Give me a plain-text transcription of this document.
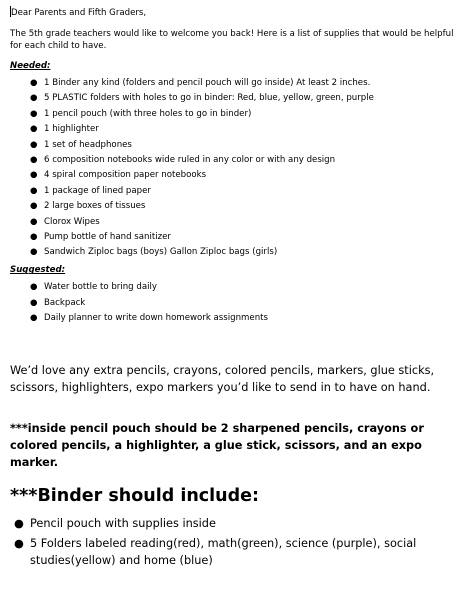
Dear Parents and Fifth Graders,

The 5th grade teachers would like to welcome you back! Here is a list of supplies that would be helpful for each child to have.

Needed:

● 1 Binder any kind (folders and pencil pouch will go inside) At least 2 inches.
● 5 PLASTIC folders with holes to go in binder: Red, blue, yellow, green, purple
● 1 pencil pouch (with three holes to go in binder)
● 1 highlighter
● 1 set of headphones
● 6 composition notebooks wide ruled in any color or with any design
● 4 spiral composition paper notebooks
● 1 package of lined paper
● 2 large boxes of tissues
● Clorox Wipes
● Pump bottle of hand sanitizer
● Sandwich Ziploc bags (boys) Gallon Ziploc bags (girls)

Suggested:

● Water bottle to bring daily
● Backpack
● Daily planner to write down homework assignments

We’d love any extra pencils, crayons, colored pencils, markers, glue sticks, scissors, highlighters, expo markers you’d like to send in to have on hand.

***inside pencil pouch should be 2 sharpened pencils, crayons or colored pencils, a highlighter, a glue stick, scissors, and an expo marker.

***Binder should include:

● Pencil pouch with supplies inside
● 5 Folders labeled reading(red), math(green), science (purple), social studies(yellow) and home (blue)
